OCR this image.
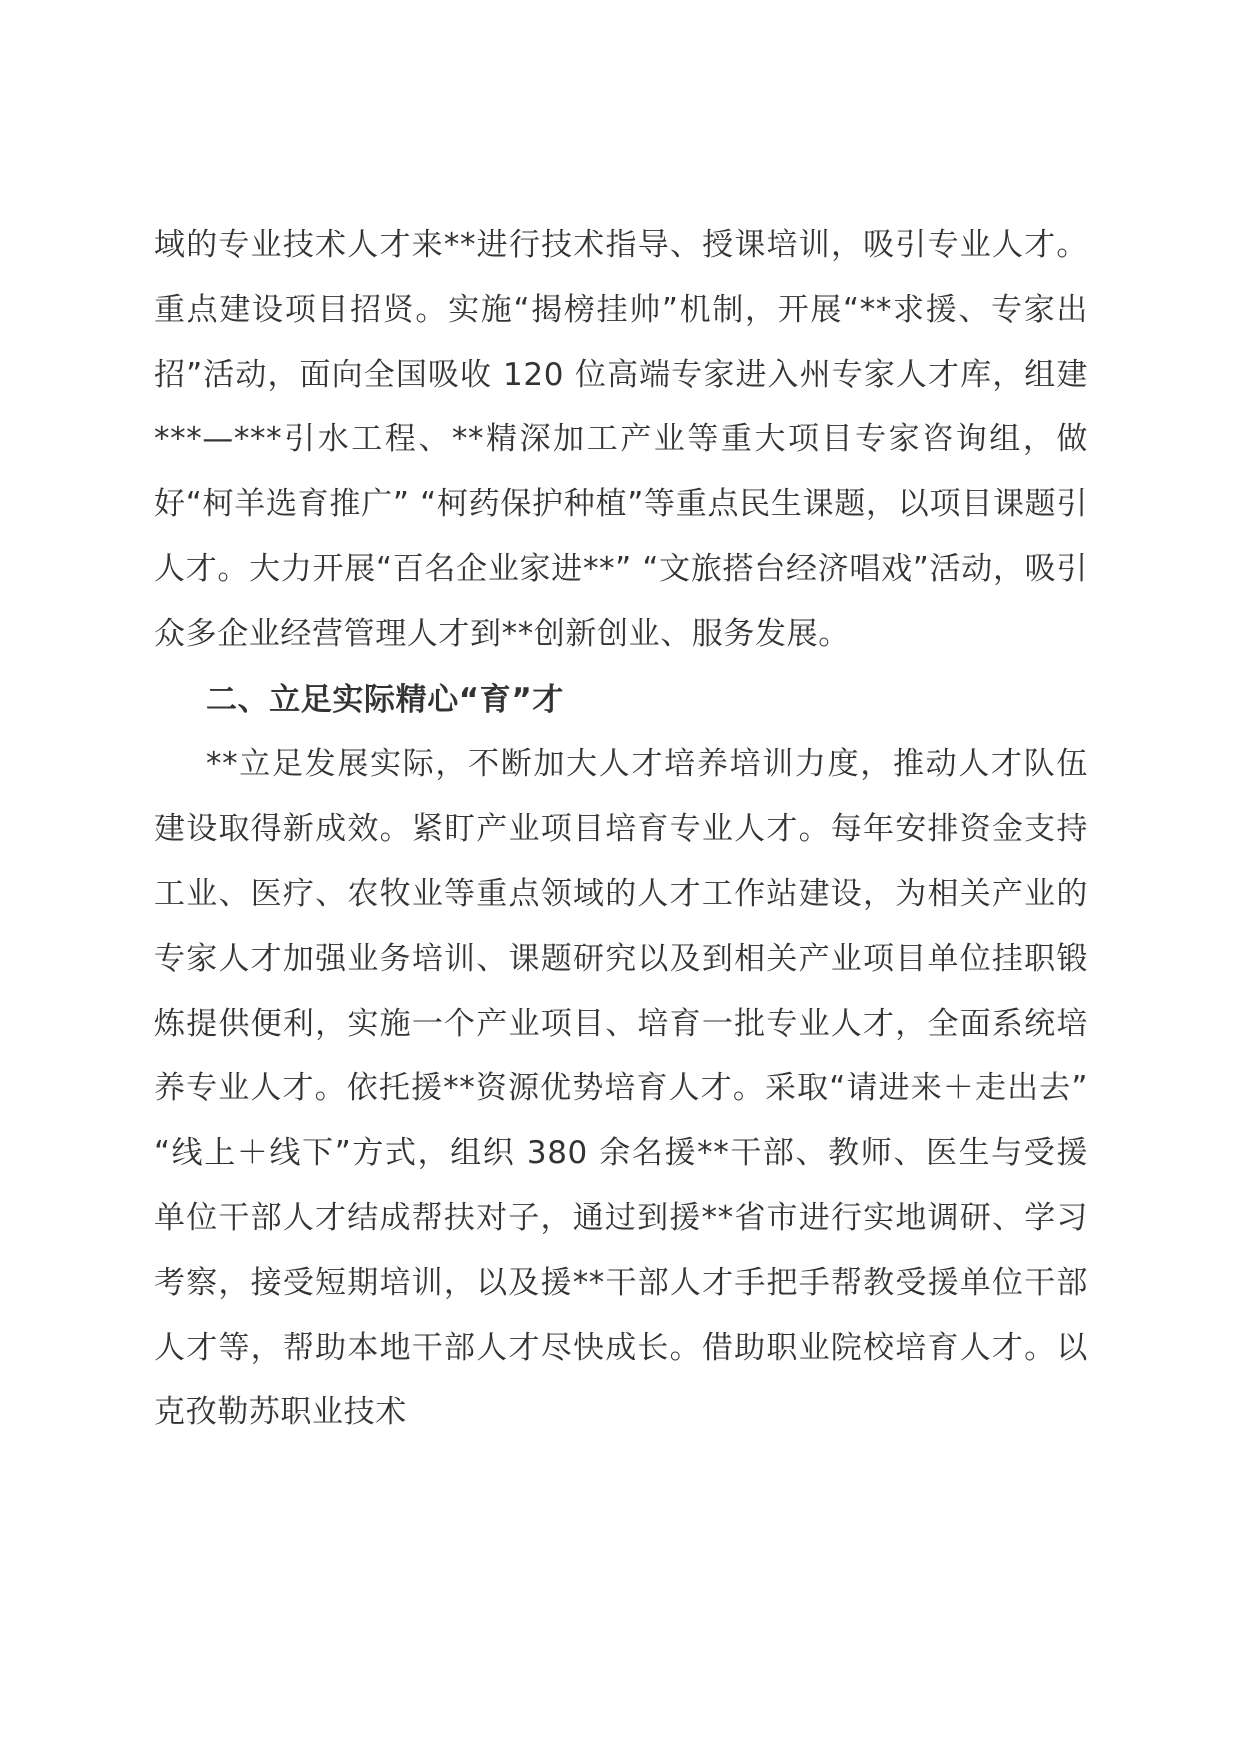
域的专业技术人才来**进行技术指导、授课培训，吸引专业人才。重点建设项目招贤。实施“揭榜挂帅”机制，开展“**求援、专家出招”活动，面向全国吸收 120 位高端专家进入州专家人才库，组建***—***引水工程、**精深加工产业等重大项目专家咨询组，做好“柯羊选育推广” “柯药保护种植”等重点民生课题，以项目课题引人才。大力开展“百名企业家进**” “文旅搭台经济唱戏”活动，吸引众多企业经营管理人才到**创新创业、服务发展。

二、立足实际精心“育”才

**立足发展实际，不断加大人才培养培训力度，推动人才队伍建设取得新成效。紧盯产业项目培育专业人才。每年安排资金支持工业、医疗、农牧业等重点领域的人才工作站建设，为相关产业的专家人才加强业务培训、课题研究以及到相关产业项目单位挂职锻炼提供便利，实施一个产业项目、培育一批专业人才，全面系统培养专业人才。依托援**资源优势培育人才。采取“请进来＋走出去” “线上＋线下”方式，组织 380 余名援**干部、教师、医生与受援单位干部人才结成帮扶对子，通过到援**省市进行实地调研、学习考察，接受短期培训，以及援**干部人才手把手帮教受援单位干部人才等，帮助本地干部人才尽快成长。借助职业院校培育人才。以克孜勒苏职业技术
